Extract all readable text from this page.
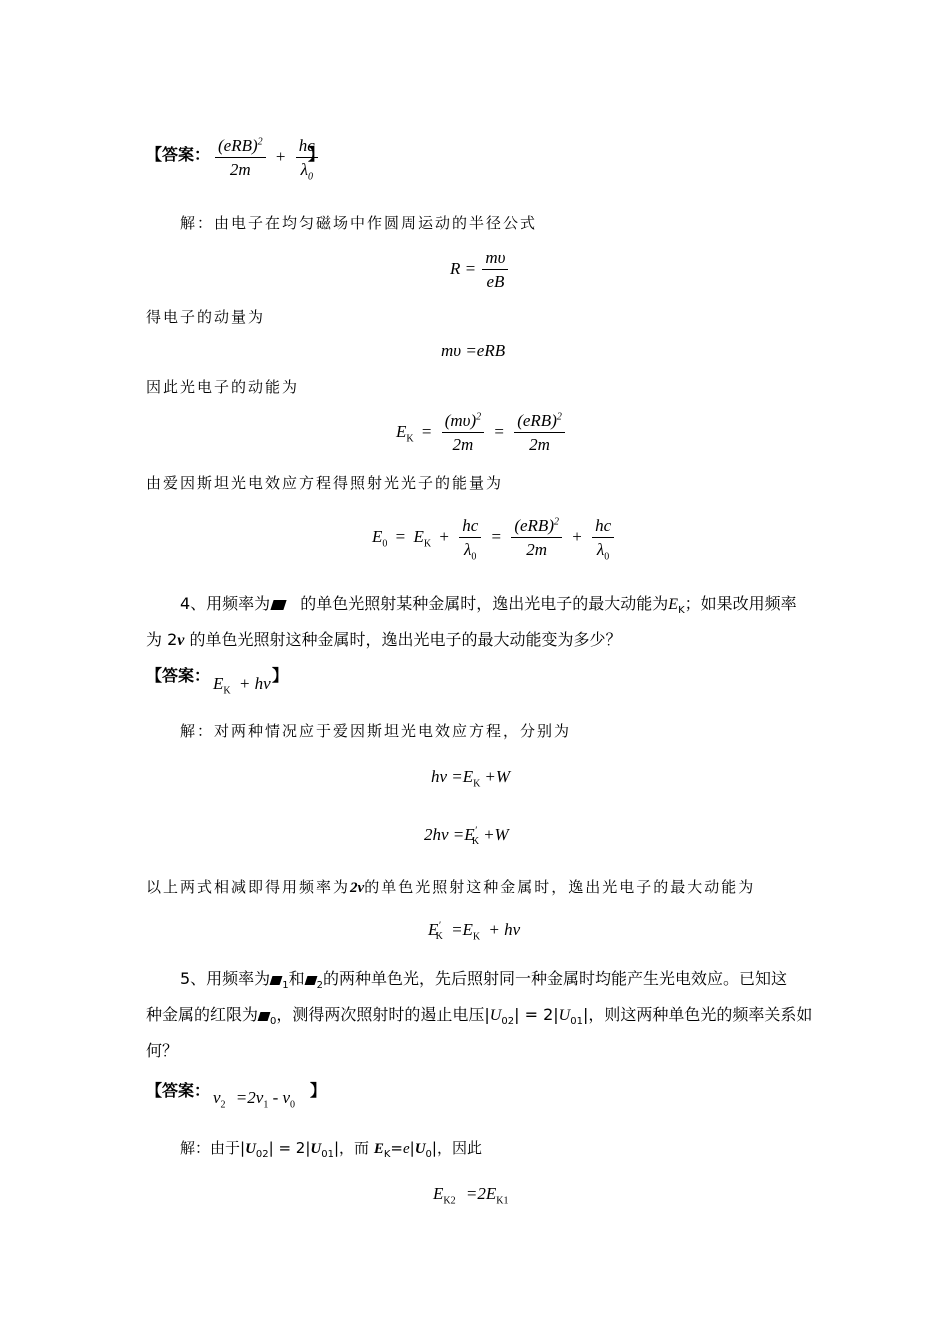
【答案： $\frac{(eRB)^2}{2m} + \frac{hc}{\lambda_0}$
】
解：由电子在均匀磁场中作圆周运动的半径公式
$R = \frac{m\upsilon}{eB}$
得电子的动量为
mυ =eRB
因此光电子的动能为
$E_K = \frac{(m\upsilon)^2}{2m} = \frac{(eRB)^2}{2m}$
由爱因斯坦光电效应方程得照射光光子的能量为
$E_0 = E_K + \frac{hc}{\lambda_0} = \frac{(eRB)^2}{2m} + \frac{hc}{\lambda_0}$
4、用频率为 的单色光照射某种金属时，逸出光电子的最大动能为$E_K$；如果改用频率
为 2ν 的单色光照射这种金属时，逸出光电子的最大动能变为多少？
【答案： $E_K + h\nu$ 】
解：对两种情况应于爱因斯坦光电效应方程，分别为
$h\nu =E_K +W$
$2h\nu =E'_K +W$
以上两式相减即得用频率为2ν的单色光照射这种金属时，逸出光电子的最大动能为
$E'_K =E_K + h\nu$
5、用频率为 $_1$和 $_2$的两种单色光，先后照射同一种金属时均能产生光电效应。已知这
种金属的红限为 $_0$，测得两次照射时的遏止电压$|U_{02}| = 2|U_{01}|$，则这两种单色光的频率关系如
何？
【答案： $\nu_2 =2\nu_1 - \nu_0$
】
解：由于$|U_{02}| = 2|U_{01}|$，而 $E_K=e|U_0|$，因此
$E_{K2} =2E_{K1}$
